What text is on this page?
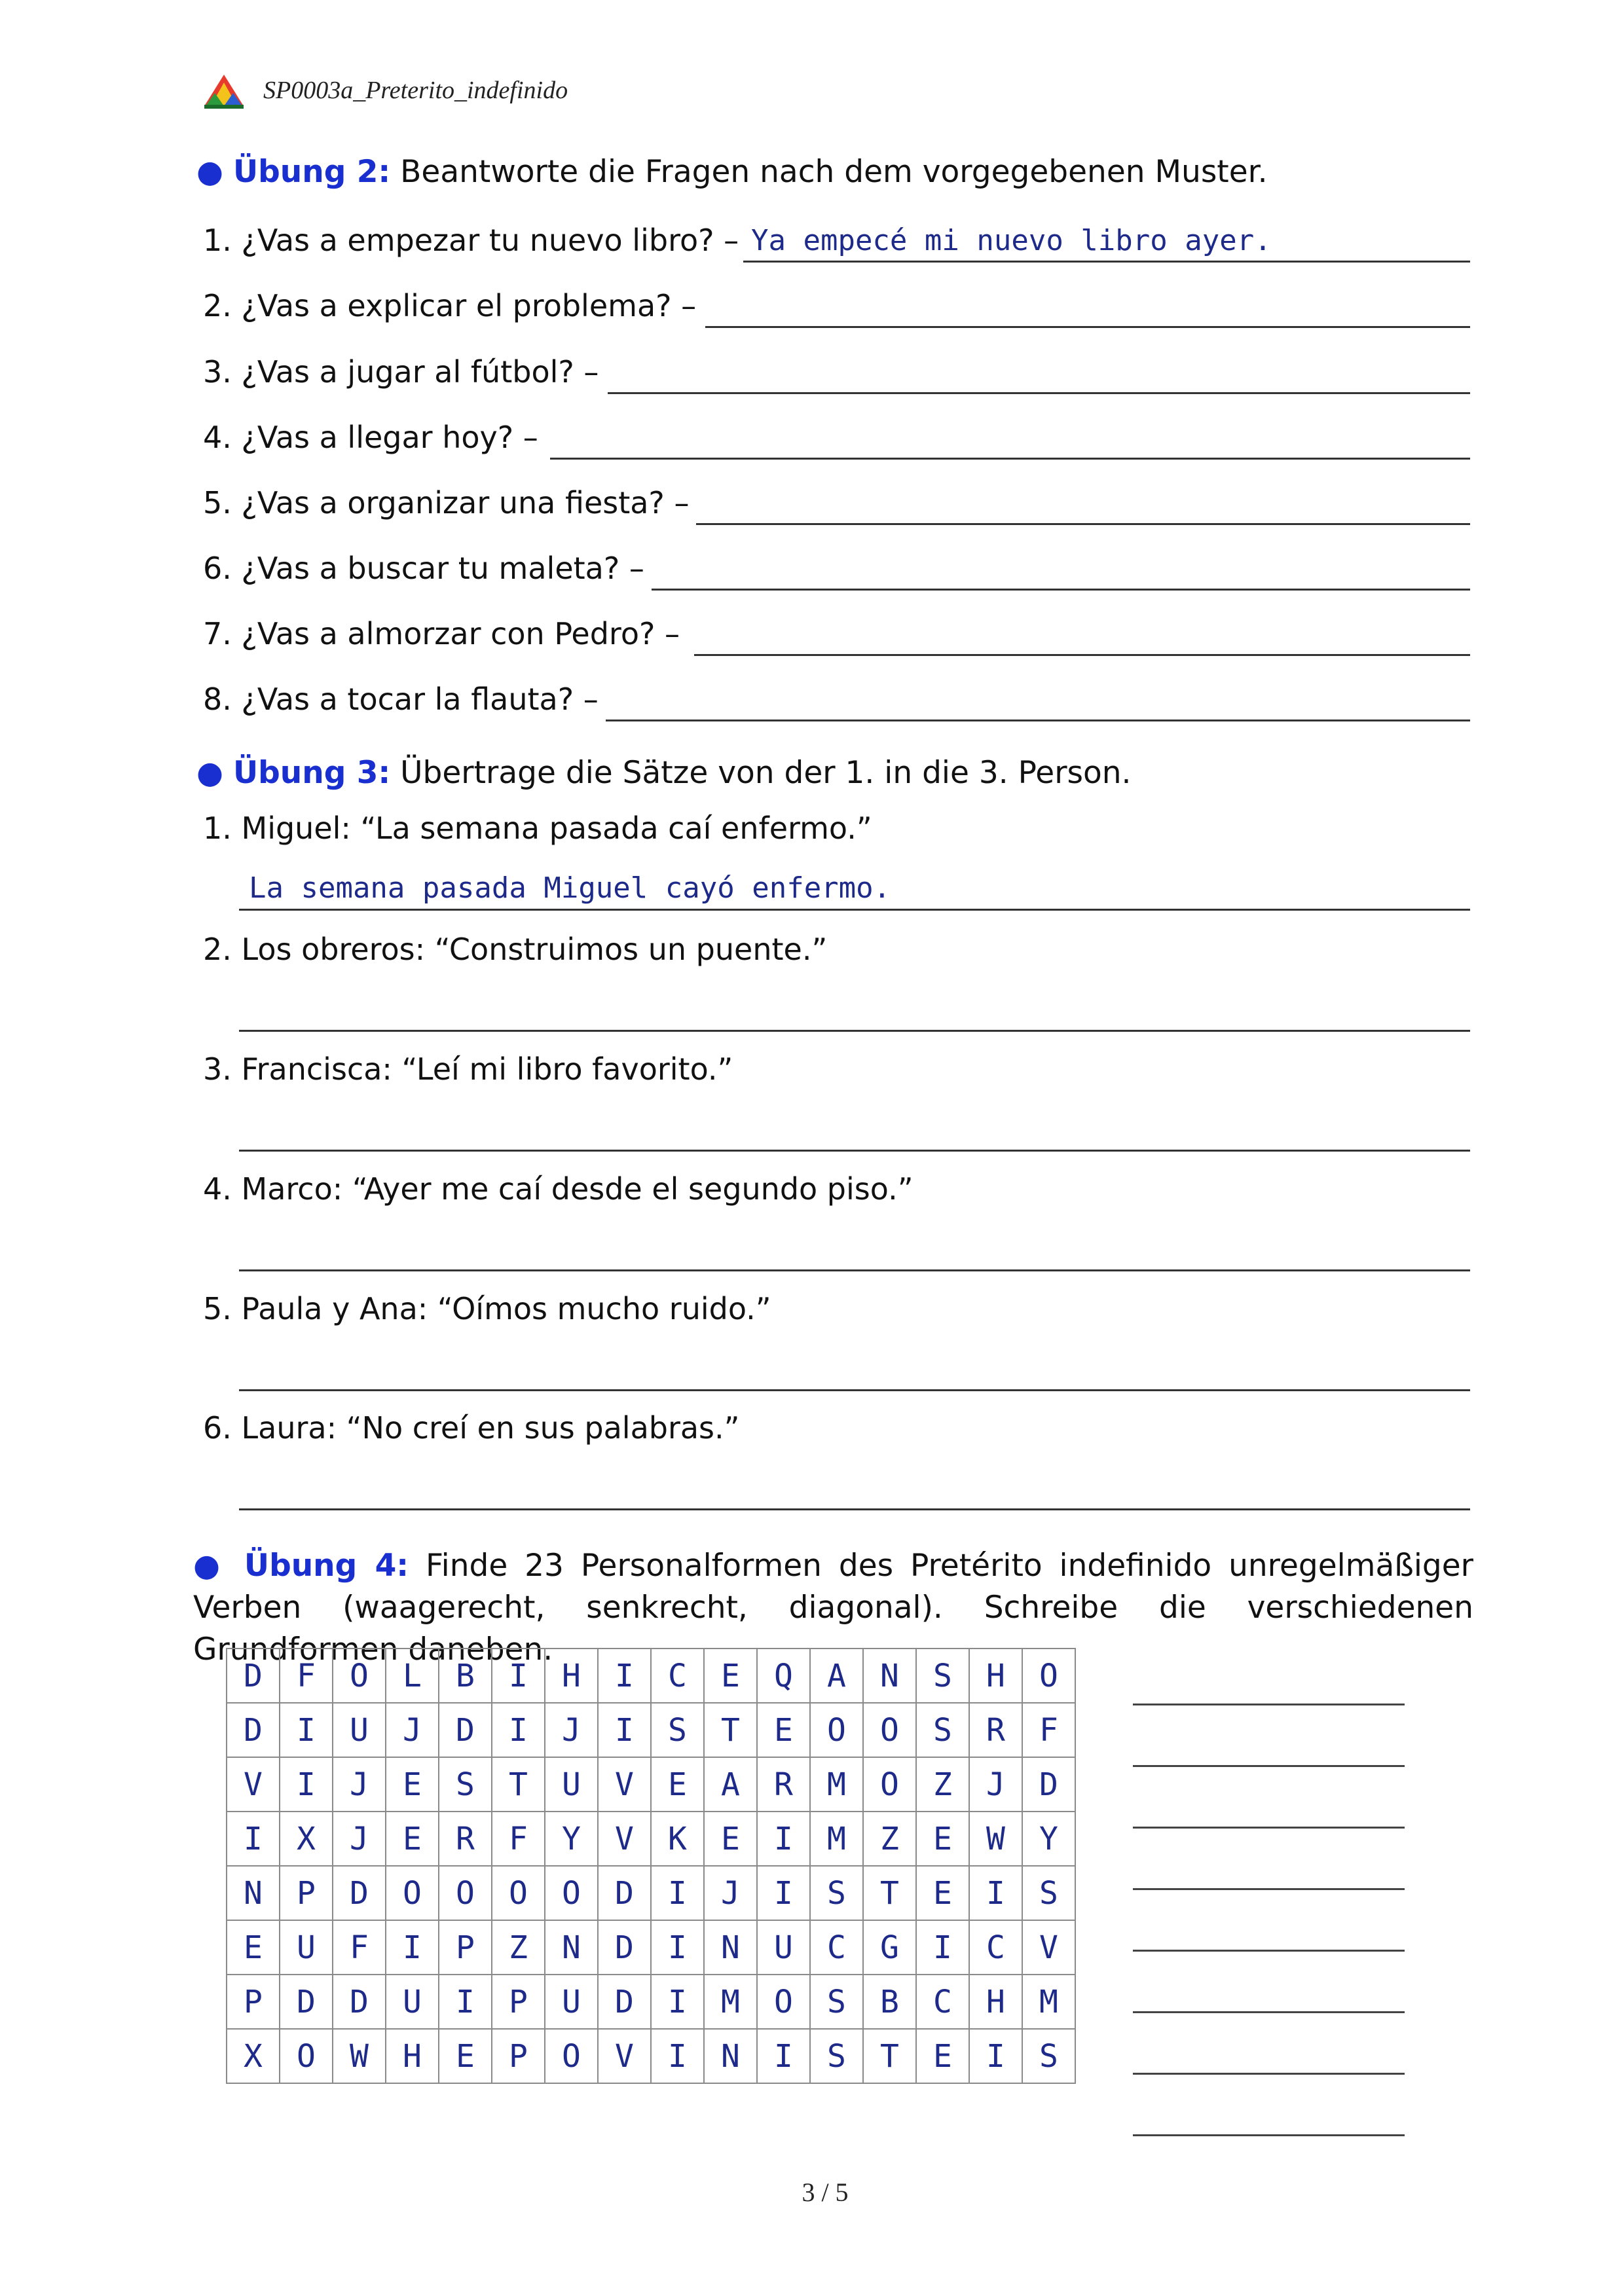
SP0003a_Preterito_indefinido
● Übung 2: Beantworte die Fragen nach dem vorgegebenen Muster.
1. ¿Vas a empezar tu nuevo libro? – Ya empecé mi nuevo libro ayer.
2. ¿Vas a explicar el problema? –
3. ¿Vas a jugar al fútbol? –
4. ¿Vas a llegar hoy? –
5. ¿Vas a organizar una fiesta? –
6. ¿Vas a buscar tu maleta? –
7. ¿Vas a almorzar con Pedro? –
8. ¿Vas a tocar la flauta? –
● Übung 3: Übertrage die Sätze von der 1. in die 3. Person.
1. Miguel: “La semana pasada caí enfermo.”
La semana pasada Miguel cayó enfermo.
2. Los obreros: “Construimos un puente.”
3. Francisca: “Leí mi libro favorito.”
4. Marco: “Ayer me caí desde el segundo piso.”
5. Paula y Ana: “Oímos mucho ruido.”
6. Laura: “No creí en sus palabras.”
● Übung 4: Finde 23 Personalformen des Pretérito indefinido unregelmäßiger Verben (waagerecht, senkrecht, diagonal). Schreibe die verschiedenen Grundformen daneben.
D	F	O	L	B	I	H	I	C	E	Q	A	N	S	H	O
D	I	U	J	D	I	J	I	S	T	E	O	O	S	R	F
V	I	J	E	S	T	U	V	E	A	R	M	O	Z	J	D
I	X	J	E	R	F	Y	V	K	E	I	M	Z	E	W	Y
N	P	D	O	O	O	O	D	I	J	I	S	T	E	I	S
E	U	F	I	P	Z	N	D	I	N	U	C	G	I	C	V
P	D	D	U	I	P	U	D	I	M	O	S	B	C	H	M
X	O	W	H	E	P	O	V	I	N	I	S	T	E	I	S
3 / 5
